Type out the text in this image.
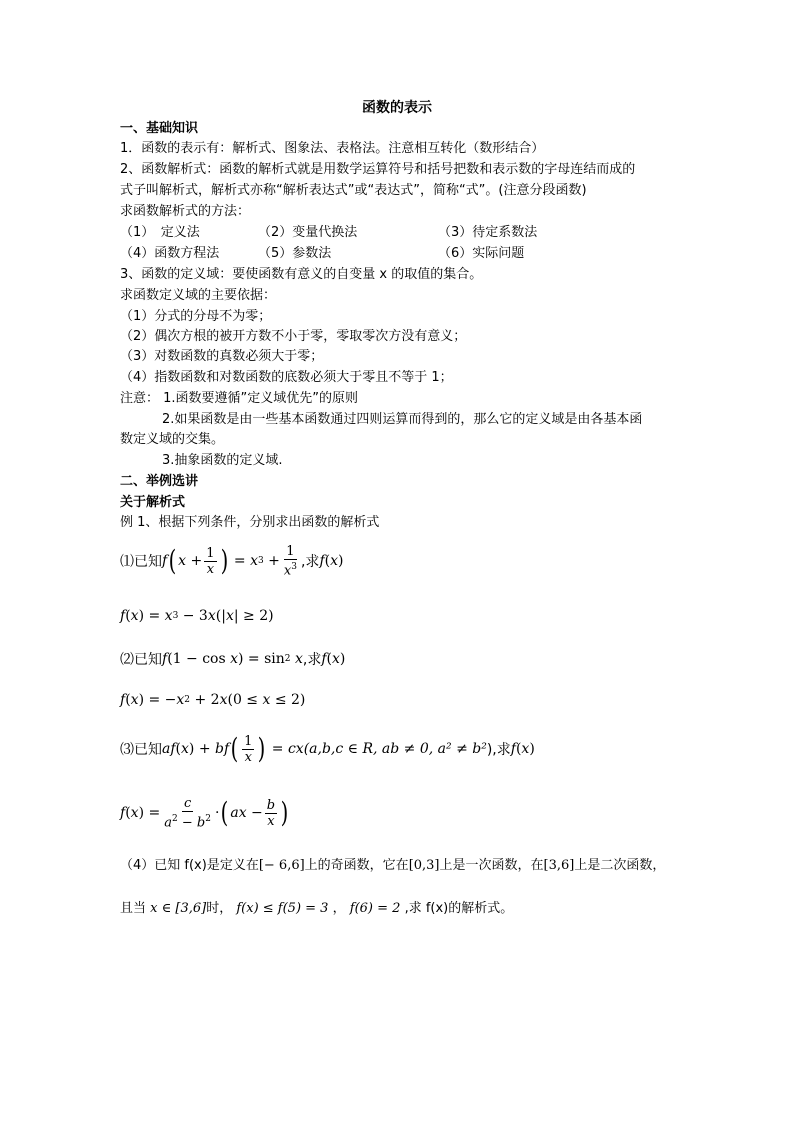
函数的表示
一、基础知识
1．函数的表示有：解析式、图象法、表格法。注意相互转化（数形结合）
2、函数解析式：函数的解析式就是用数学运算符号和括号把数和表示数的字母连结而成的
式子叫解析式，解析式亦称“解析表达式”或“表达式”，简称“式”。(注意分段函数)
求函数解析式的方法：
（1）　定义法	（2）变量代换法	（3）待定系数法
（4）函数方程法	（5）参数法	（6）实际问题
3、函数的定义域：要使函数有意义的自变量 x 的取值的集合。
求函数定义域的主要依据：
（1）分式的分母不为零；
（2）偶次方根的被开方数不小于零，零取零次方没有意义；
（3）对数函数的真数必须大于零；
（4）指数函数和对数函数的底数必须大于零且不等于 1；
注意： 1.函数要遵循”定义域优先”的原则
2.如果函数是由一些基本函数通过四则运算而得到的，那么它的定义域是由各基本函
数定义域的交集。
3.抽象函数的定义域.
二、举例选讲
关于解析式
例 1、根据下列条件，分别求出函数的解析式
⑴已知 f ( $x + \frac{1}{x}$ ) = x $3 + \frac{1}{x^3}$ ,求 f ( x )
f ( x ) = x 3 − 3 x (| x | ≥ 2)
⑵已知 f (1 − cos x ) = sin 2
x ,求 f ( x )
f ( x ) = − x 2 + 2 x (0 ≤ x ≤ 2)
⑶已知 af ( x ) + bf ( $\frac{1}{x}$ ) = cx(a,b,c ∈ R, ab ≠ 0, a² ≠ b² ),求 f ( x )
f ( x ) = $\frac{c}{a^2 - b^2}$ · ( ax − $\frac{b}{x}$ )
（4）已知 f(x)是定义在[− 6,6]上的奇函数，它在[0,3]上是一次函数，在[3,6]上是二次函数，
且当 x ∈ [3,6]时， f(x) ≤ f(5) = 3 ， f(6) = 2 ,求 f(x)的解析式。
